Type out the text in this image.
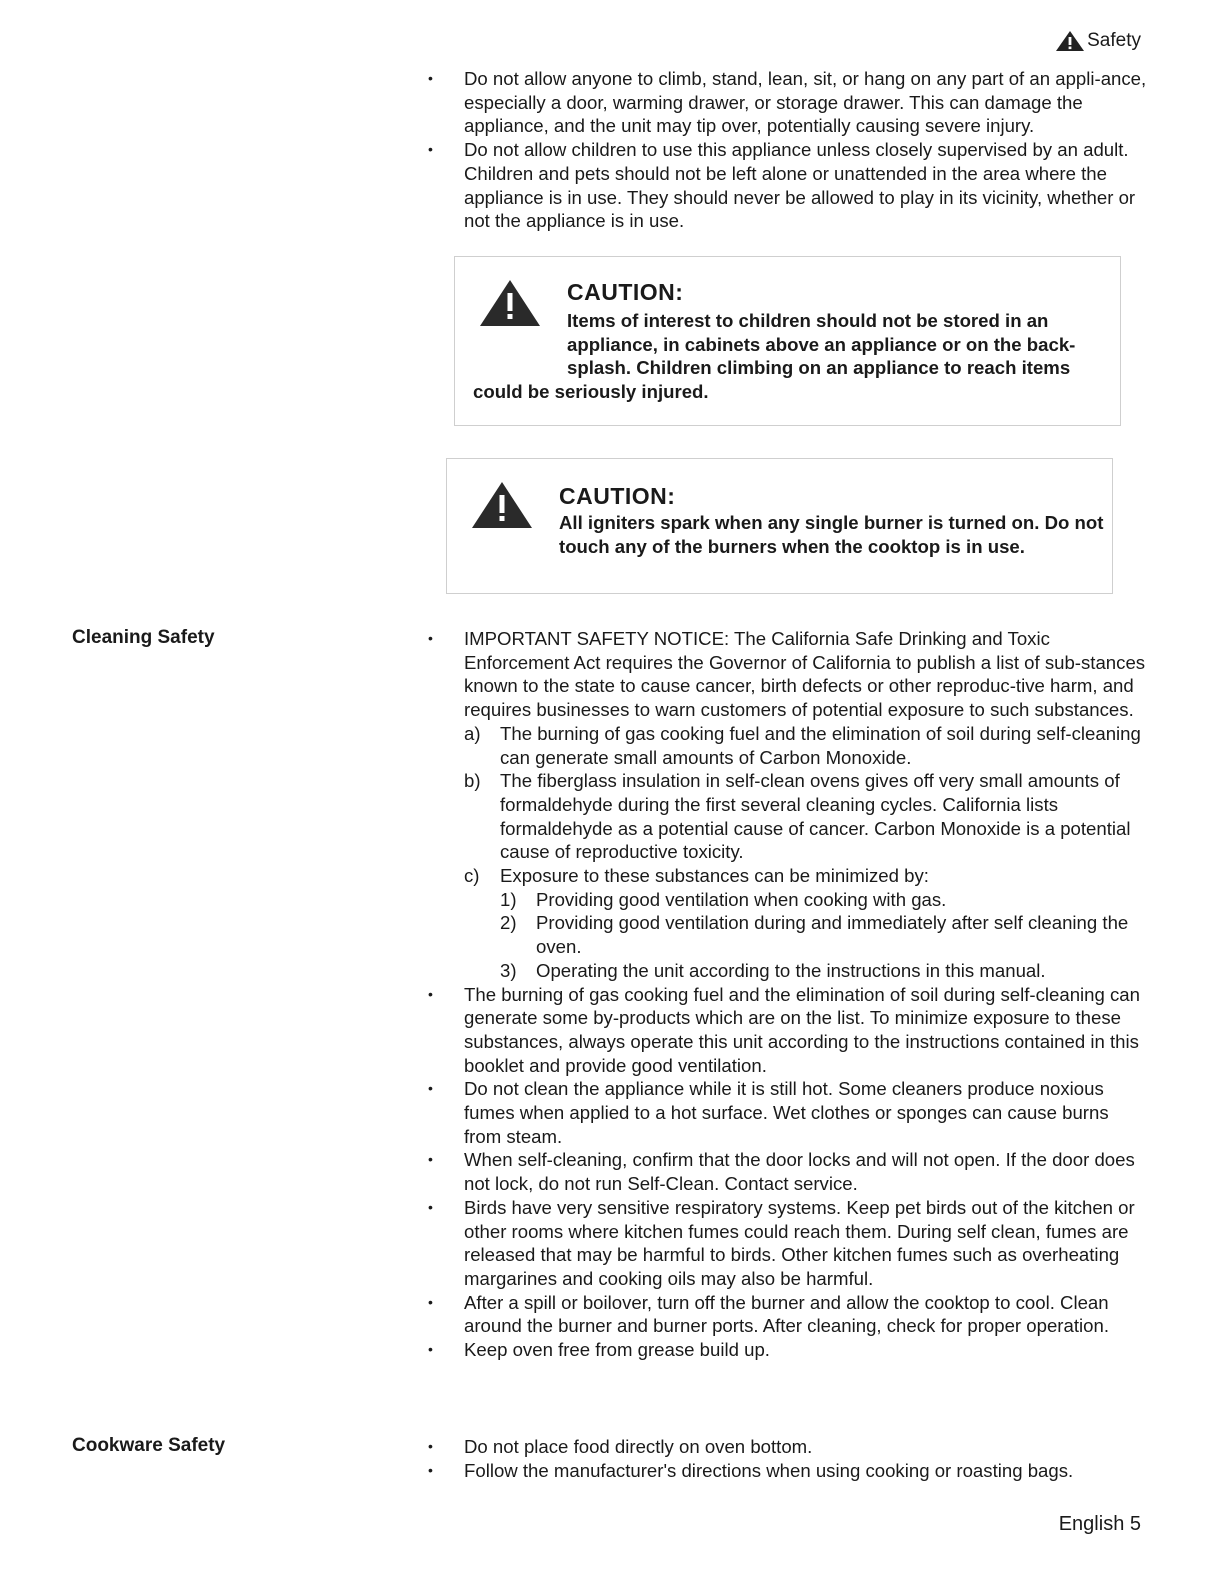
Safety
• Do not allow anyone to climb, stand, lean, sit, or hang on any part of an appli-ance, especially a door, warming drawer, or storage drawer. This can damage the appliance, and the unit may tip over, potentially causing severe injury.
• Do not allow children to use this appliance unless closely supervised by an adult. Children and pets should not be left alone or unattended in the area where the appliance is in use. They should never be allowed to play in its vicinity, whether or not the appliance is in use.
CAUTION:
Items of interest to children should not be stored in an appliance, in cabinets above an appliance or on the back-splash. Children climbing on an appliance to reach items
could be seriously injured.
CAUTION:
All igniters spark when any single burner is turned on. Do not touch any of the burners when the cooktop is in use.
Cleaning Safety	• IMPORTANT SAFETY NOTICE: The California Safe Drinking and Toxic Enforcement Act requires the Governor of California to publish a list of sub-stances known to the state to cause cancer, birth defects or other reproduc-tive harm, and requires businesses to warn customers of potential exposure to such substances.
a) The burning of gas cooking fuel and the elimination of soil during self-cleaning can generate small amounts of Carbon Monoxide.
b) The fiberglass insulation in self-clean ovens gives off very small amounts of formaldehyde during the first several cleaning cycles. California lists formaldehyde as a potential cause of cancer. Carbon Monoxide is a potential cause of reproductive toxicity.
c) Exposure to these substances can be minimized by:
1) Providing good ventilation when cooking with gas.
2) Providing good ventilation during and immediately after self cleaning the oven.
3) Operating the unit according to the instructions in this manual.
• The burning of gas cooking fuel and the elimination of soil during self-cleaning can generate some by-products which are on the list. To minimize exposure to these substances, always operate this unit according to the instructions contained in this booklet and provide good ventilation.
• Do not clean the appliance while it is still hot. Some cleaners produce noxious fumes when applied to a hot surface. Wet clothes or sponges can cause burns from steam.
• When self-cleaning, confirm that the door locks and will not open. If the door does not lock, do not run Self-Clean. Contact service.
• Birds have very sensitive respiratory systems. Keep pet birds out of the kitchen or other rooms where kitchen fumes could reach them. During self clean, fumes are released that may be harmful to birds. Other kitchen fumes such as overheating margarines and cooking oils may also be harmful.
• After a spill or boilover, turn off the burner and allow the cooktop to cool. Clean around the burner and burner ports. After cleaning, check for proper operation.
• Keep oven free from grease build up.
Cookware Safety	• Do not place food directly on oven bottom.
• Follow the manufacturer's directions when using cooking or roasting bags.
English 5
